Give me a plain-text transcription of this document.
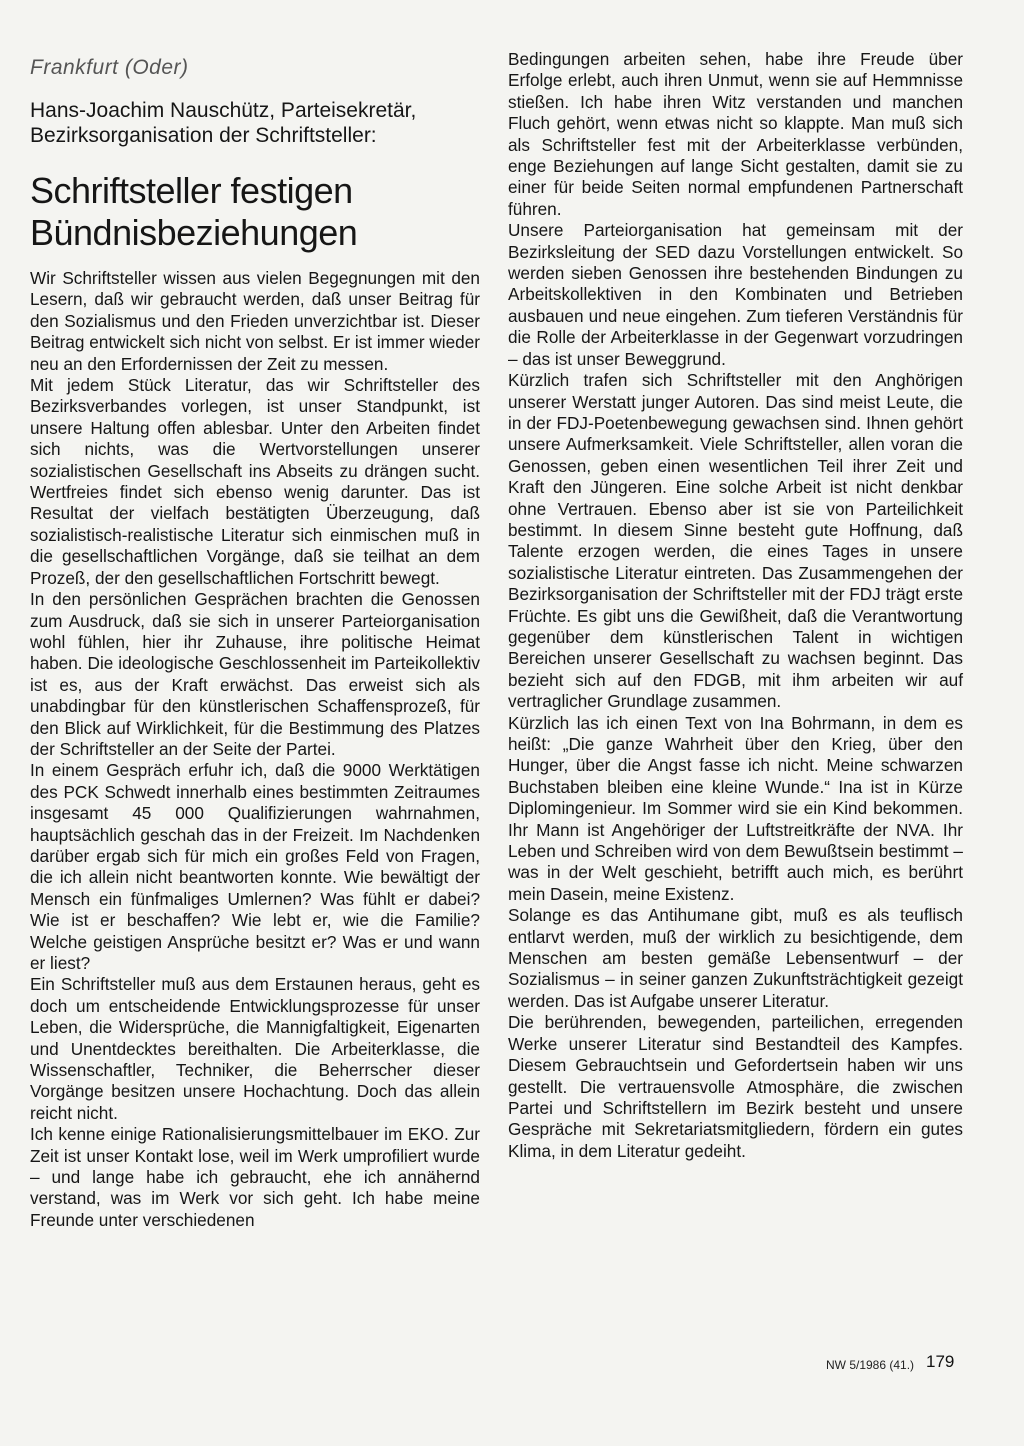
Frankfurt (Oder)
Hans-Joachim Nauschütz, Parteisekretär, Bezirksorganisation der Schriftsteller:
Schriftsteller festigen Bündnisbeziehungen

Wir Schriftsteller wissen aus vielen Begegnungen mit den Lesern, daß wir gebraucht werden, daß unser Beitrag für den Sozialismus und den Frieden unverzichtbar ist. Dieser Beitrag entwickelt sich nicht von selbst. Er ist immer wieder neu an den Erfordernissen der Zeit zu messen.

Mit jedem Stück Literatur, das wir Schriftsteller des Bezirksverbandes vorlegen, ist unser Standpunkt, ist unsere Haltung offen ablesbar. Unter den Arbeiten findet sich nichts, was die Wertvorstellungen unserer sozialistischen Gesellschaft ins Abseits zu drängen sucht. Wertfreies findet sich ebenso wenig darunter. Das ist Resultat der vielfach bestätigten Überzeugung, daß sozialistisch-realistische Literatur sich einmischen muß in die gesellschaftlichen Vorgänge, daß sie teilhat an dem Prozeß, der den gesellschaftlichen Fortschritt bewegt.

In den persönlichen Gesprächen brachten die Genossen zum Ausdruck, daß sie sich in unserer Parteiorganisation wohl fühlen, hier ihr Zuhause, ihre politische Heimat haben. Die ideologische Geschlossenheit im Parteikollektiv ist es, aus der Kraft erwächst. Das erweist sich als unabdingbar für den künstlerischen Schaffensprozeß, für den Blick auf Wirklichkeit, für die Bestimmung des Platzes der Schriftsteller an der Seite der Partei.

In einem Gespräch erfuhr ich, daß die 9000 Werktätigen des PCK Schwedt innerhalb eines bestimmten Zeitraumes insgesamt 45 000 Qualifizierungen wahrnahmen, hauptsächlich geschah das in der Freizeit. Im Nachdenken darüber ergab sich für mich ein großes Feld von Fragen, die ich allein nicht beantworten konnte. Wie bewältigt der Mensch ein fünfmaliges Umlernen? Was fühlt er dabei? Wie ist er beschaffen? Wie lebt er, wie die Familie? Welche geistigen Ansprüche besitzt er? Was er und wann er liest?

Ein Schriftsteller muß aus dem Erstaunen heraus, geht es doch um entscheidende Entwicklungsprozesse für unser Leben, die Widersprüche, die Mannigfaltigkeit, Eigenarten und Unentdecktes bereithalten. Die Arbeiterklasse, die Wissenschaftler, Techniker, die Beherrscher dieser Vorgänge besitzen unsere Hochachtung. Doch das allein reicht nicht.

Ich kenne einige Rationalisierungsmittelbauer im EKO. Zur Zeit ist unser Kontakt lose, weil im Werk umprofiliert wurde – und lange habe ich gebraucht, ehe ich annähernd verstand, was im Werk vor sich geht. Ich habe meine Freunde unter verschiedenen

Bedingungen arbeiten sehen, habe ihre Freude über Erfolge erlebt, auch ihren Unmut, wenn sie auf Hemmnisse stießen. Ich habe ihren Witz verstanden und manchen Fluch gehört, wenn etwas nicht so klappte. Man muß sich als Schriftsteller fest mit der Arbeiterklasse verbünden, enge Beziehungen auf lange Sicht gestalten, damit sie zu einer für beide Seiten normal empfundenen Partnerschaft führen.

Unsere Parteiorganisation hat gemeinsam mit der Bezirksleitung der SED dazu Vorstellungen entwickelt. So werden sieben Genossen ihre bestehenden Bindungen zu Arbeitskollektiven in den Kombinaten und Betrieben ausbauen und neue eingehen. Zum tieferen Verständnis für die Rolle der Arbeiterklasse in der Gegenwart vorzudringen – das ist unser Beweggrund.

Kürzlich trafen sich Schriftsteller mit den Anghörigen unserer Werstatt junger Autoren. Das sind meist Leute, die in der FDJ-Poetenbewegung gewachsen sind. Ihnen gehört unsere Aufmerksamkeit. Viele Schriftsteller, allen voran die Genossen, geben einen wesentlichen Teil ihrer Zeit und Kraft den Jüngeren. Eine solche Arbeit ist nicht denkbar ohne Vertrauen. Ebenso aber ist sie von Parteilichkeit bestimmt. In diesem Sinne besteht gute Hoffnung, daß Talente erzogen werden, die eines Tages in unsere sozialistische Literatur eintreten. Das Zusammengehen der Bezirksorganisation der Schriftsteller mit der FDJ trägt erste Früchte. Es gibt uns die Gewißheit, daß die Verantwortung gegenüber dem künstlerischen Talent in wichtigen Bereichen unserer Gesellschaft zu wachsen beginnt. Das bezieht sich auf den FDGB, mit ihm arbeiten wir auf vertraglicher Grundlage zusammen.

Kürzlich las ich einen Text von Ina Bohrmann, in dem es heißt: „Die ganze Wahrheit über den Krieg, über den Hunger, über die Angst fasse ich nicht. Meine schwarzen Buchstaben bleiben eine kleine Wunde.“ Ina ist in Kürze Diplomingenieur. Im Sommer wird sie ein Kind bekommen. Ihr Mann ist Angehöriger der Luftstreitkräfte der NVA. Ihr Leben und Schreiben wird von dem Bewußtsein bestimmt – was in der Welt geschieht, betrifft auch mich, es berührt mein Dasein, meine Existenz.

Solange es das Antihumane gibt, muß es als teuflisch entlarvt werden, muß der wirklich zu besichtigende, dem Menschen am besten gemäße Lebensentwurf – der Sozialismus – in seiner ganzen Zukunftsträchtigkeit gezeigt werden. Das ist Aufgabe unserer Literatur.

Die berührenden, bewegenden, parteilichen, erregenden Werke unserer Literatur sind Bestandteil des Kampfes. Diesem Gebrauchtsein und Gefordertsein haben wir uns gestellt. Die vertrauensvolle Atmosphäre, die zwischen Partei und Schriftstellern im Bezirk besteht und unsere Gespräche mit Sekretariatsmitgliedern, fördern ein gutes Klima, in dem Literatur gedeiht.

NW 5/1986 (41.) 179
